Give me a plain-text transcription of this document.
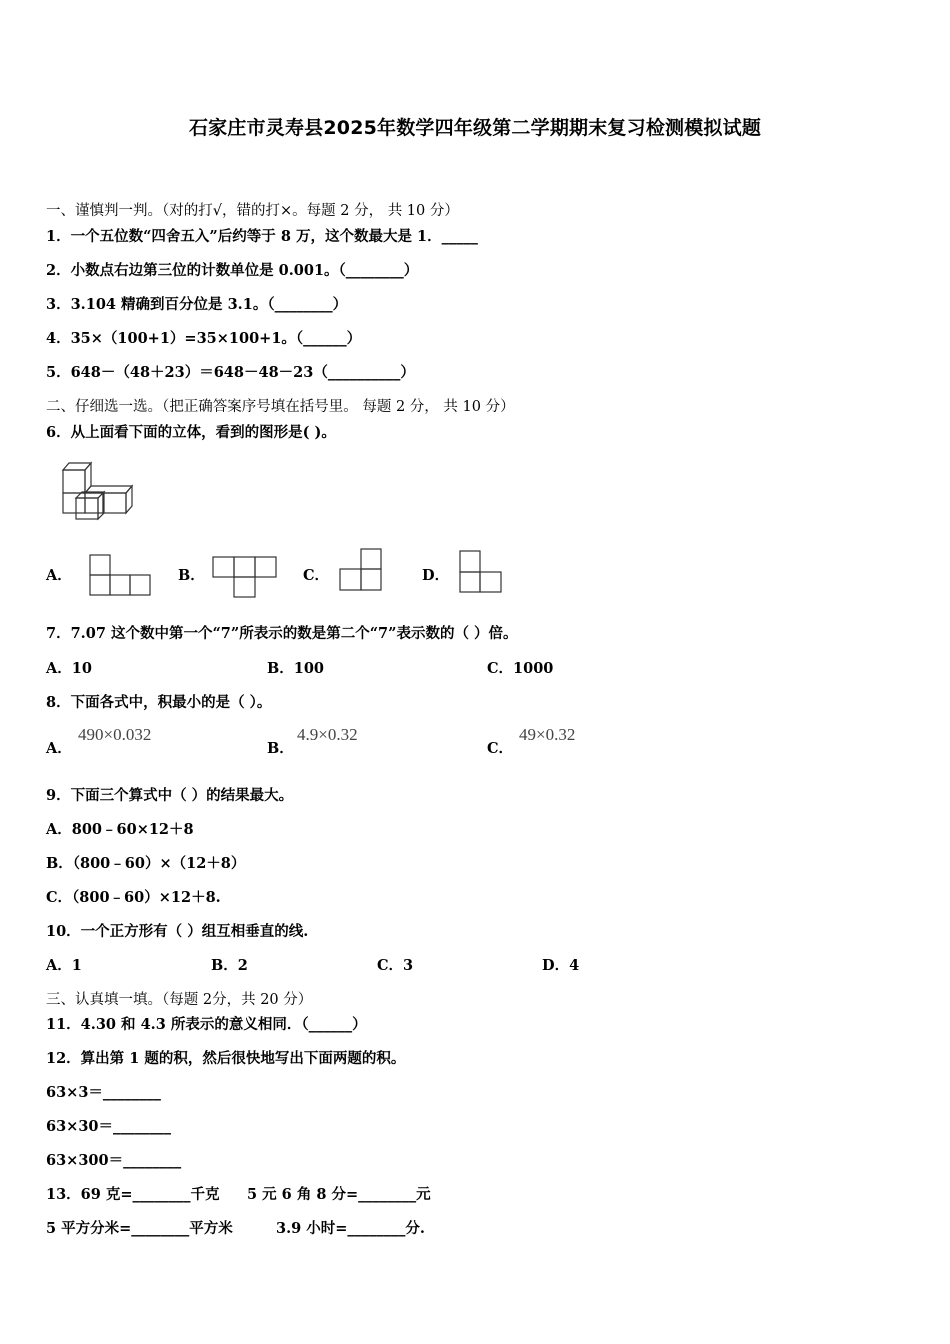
石家庄市灵寿县2025年数学四年级第二学期期末复习检测模拟试题
一、谨慎判一判。（对的打√，错的打×。每题 2 分， 共 10 分）
1．一个五位数“四舍五入”后约等于 8 万，这个数最大是 1．_____
2．小数点右边第三位的计数单位是 0.001。（________）
3．3.104 精确到百分位是 3.1。（________）
4．35×（100+1）=35×100+1。（______）
5．648－（48＋23）＝648－48－23（__________）
二、仔细选一选。（把正确答案序号填在括号里。 每题 2 分， 共 10 分）
6．从上面看下面的立体，看到的图形是( )。
A．	B．	C．	D．
7．7.07 这个数中第一个“7”所表示的数是第二个“7”表示数的（ ）倍。
A．10	B．100	C．1000
8．下面各式中，积最小的是（ ）。
A．
490×0.032
B．
4.9×0.32
C．
49×0.32
9．下面三个算式中（ ）的结果最大。
A．800﹣60×12＋8
B．（800﹣60）×（12＋8）
C．（800﹣60）×12＋8.
10．一个正方形有（ ）组互相垂直的线.
A．1	B．2	C．3	D．4
三、认真填一填。（每题 2分，共 20 分）
11．4.30 和 4.3 所表示的意义相同．（______）
12．算出第 1 题的积，然后很快地写出下面两题的积。
63×3＝________
63×30＝________
63×300＝________
13．69 克=________千克 5 元 6 角 8 分=________元
5 平方分米=________平方米	3.9 小时=________分.
